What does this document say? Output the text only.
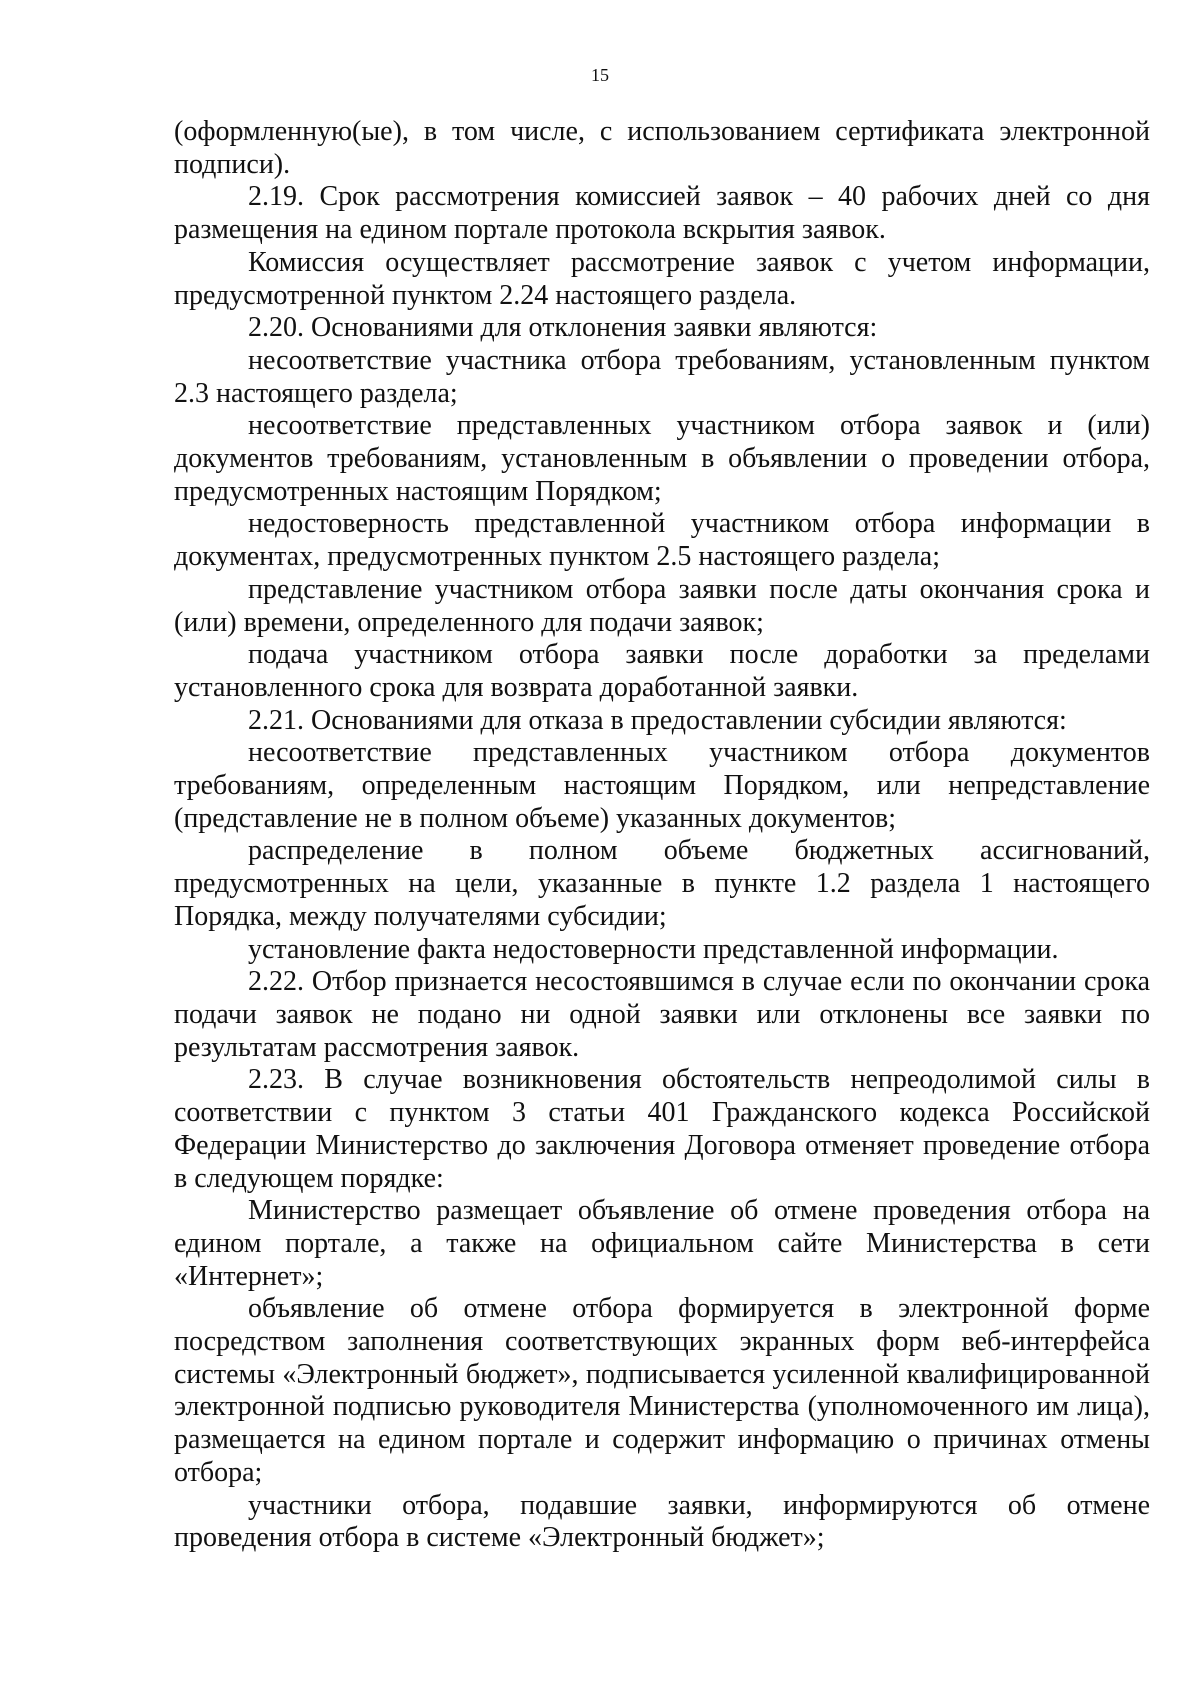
15

(оформленную(ые), в том числе, с использованием сертификата электронной подписи).

2.19. Срок рассмотрения комиссией заявок – 40 рабочих дней со дня размещения на едином портале протокола вскрытия заявок.

Комиссия осуществляет рассмотрение заявок с учетом информации, предусмотренной пунктом 2.24 настоящего раздела.

2.20. Основаниями для отклонения заявки являются:

несоответствие участника отбора требованиям, установленным пунктом 2.3 настоящего раздела;

несоответствие представленных участником отбора заявок и (или) документов требованиям, установленным в объявлении о проведении отбора, предусмотренных настоящим Порядком;

недостоверность представленной участником отбора информации в документах, предусмотренных пунктом 2.5 настоящего раздела;

представление участником отбора заявки после даты окончания срока и (или) времени, определенного для подачи заявок;

подача участником отбора заявки после доработки за пределами установленного срока для возврата доработанной заявки.

2.21. Основаниями для отказа в предоставлении субсидии являются:

несоответствие представленных участником отбора документов требованиям, определенным настоящим Порядком, или непредставление (представление не в полном объеме) указанных документов;

распределение в полном объеме бюджетных ассигнований, предусмотренных на цели, указанные в пункте 1.2 раздела 1 настоящего Порядка, между получателями субсидии;

установление факта недостоверности представленной информации.

2.22. Отбор признается несостоявшимся в случае если по окончании срока подачи заявок не подано ни одной заявки или отклонены все заявки по результатам рассмотрения заявок.

2.23. В случае возникновения обстоятельств непреодолимой силы в соответствии с пунктом 3 статьи 401 Гражданского кодекса Российской Федерации Министерство до заключения Договора отменяет проведение отбора в следующем порядке:

Министерство размещает объявление об отмене проведения отбора на едином портале, а также на официальном сайте Министерства в сети «Интернет»;

объявление об отмене отбора формируется в электронной форме посредством заполнения соответствующих экранных форм веб-интерфейса системы «Электронный бюджет», подписывается усиленной квалифицированной электронной подписью руководителя Министерства (уполномоченного им лица), размещается на едином портале и содержит информацию о причинах отмены отбора;

участники отбора, подавшие заявки, информируются об отмене проведения отбора в системе «Электронный бюджет»;
